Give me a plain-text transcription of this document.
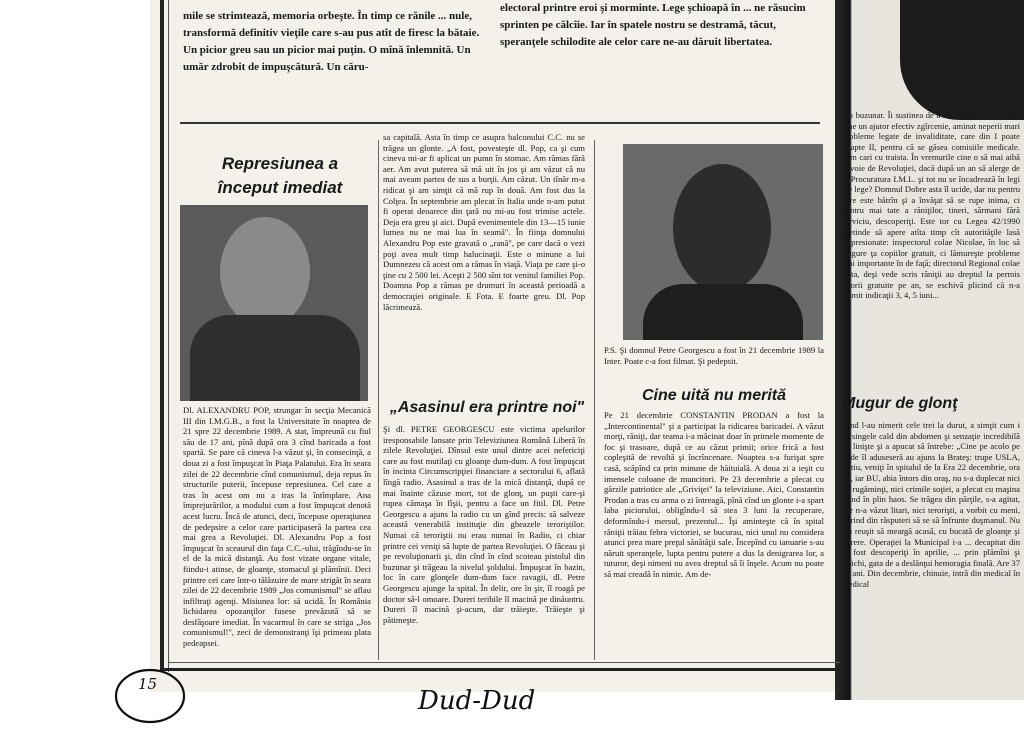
mile se strimtează, memoria orbeşte. În timp ce rănile ... nule, transformă definitiv vieţile care s-au pus atît de firesc la bătaie. Un picior greu sau un picior mai puţin. O mînă înlemnită. Un umăr zdrobit de impuşcătură. Un căru-
electoral printre eroi şi morminte. Lege şchioapă în ... ne răsucim sprinten pe călcîie. Iar în spatele nostru se destramă, tăcut, speranţele schilodite ale celor care ne-au dăruit libertatea.
Represiunea a început imediat
Dl. ALEXANDRU POP, strungar în secţia Mecanică III din I.M.G.B., a fost la Universitate în noaptea de 21 spre 22 decembrie 1989. A stat, împreună cu fiul său de 17 ani, pînă după ora 3 cînd baricada a fost spartă. Se pare că cineva l-a văzut şi, în consecinţă, a doua zi a fost împuşcat în Piaţa Palatului. Era în seara zilei de 22 decembrie cînd comunismul, deja repus în structurile puterii, începuse represiunea. Cel care a tras în acest om nu a tras la întîmplare. Ana împrejurărilor, a modului cum a fost împuşcat denotă acest lucru. Încă de atunci, deci, începuse operaţiunea de pedepsire a celor care participaseră la partea cea mai grea a Revoluţiei. Dl. Alexandru Pop a fost împuşcat în sceaurul din faţa C.C.-ului, trăgîndu-se în el de la mică distanţă. Au fost vizate organe vitale, fiindu-i atinse, de gloanţe, stomacul şi plămînii. Deci printre cei care într-o tălăzuire de mare strigăt în seara zilei de 22 decembrie 1989 „Jos comunismul" se aflau infiltraţi agenţi. Misiunea lor: să ucidă. În România lichidarea opozanţilor fusese prevăzută să se desfăşoare imediat. În vacarmul în care se striga „Jos comunismul!", zeci de demonstranţi îşi primeau plata pedeapsei.
sa capitală. Asta în timp ce asupra balconului C.C. nu se trăgea un glonte. „A fost, povesteşte dl. Pop, ca şi cum cineva mi-ar fi aplicat un pumn în stomac. Am rămas fără aer. Am avut puterea să mă uit în jos şi am văzut că nu mai aveam partea de sus a burţii. Am căzut. Un tînăr m-a ridicat şi am simţit că mă rup în două. Am fost dus la Colţea. În septembrie am plecat în Italia unde n-am putut fi operat deoarece din ţară nu mi-au fost trimise actele. Deja era greu şi aici. După evenimentele din 13—15 iunie lumea nu ne mai lua în seamă". În fiinţa domnului Alexandru Pop este gravată o „rană", pe care dacă o vezi poţi avea mult timp halucinaţii. Este o minune a lui Dumnezeu că acest om a rămas în viaţă. Viaţa pe care şi-o ţine cu 2 500 lei. Aceşti 2 500 sînt tot venitul familiei Pop. Doamna Pop a rămas pe drumuri în această perioadă a democraţiei originale. E Fota. E foarte greu. Dl. Pop lăcrimează.
„Asasinul era printre noi"
Şi dl. PETRE GEORGESCU este victima apelurilor iresponsabile lansate prin Televiziunea Română Liberă în zilele Revoluţiei. Dînsul este unul dintre acei nefericiţi care au fost mutilaţi cu gloanţe dum-dum. A fost împuşcat în incinta Circumscripţiei financiare a sectorului 6, aflată lîngă radio. Asasinul a tras de la mică distanţă, după ce mai înainte căzuse mort, tot de glonţ, un puşti care-şi rupea cămaşa în fîşii, pentru a face un fitil. Dl. Petre Georgescu a ajuns la radio cu un gînd precis: să salveze această venerabilă instituţie din gheazele teroriştilor. Numai că teroriştii nu erau numai în Radio, ci chiar printre cei veniţi să lupte de partea Revoluţiei. O făceau şi pe revoluţionarii şi, din cînd în cînd scoteau pistolul din buzunar şi trăgeau la nivelul şoldului. Împuşcat în bazin, loc în care glonţele dum-dum face ravagii, dl. Petre Georgescu ajunge la spital. În delir, ore în şir, îl roagă pe doctor să-l omoare. Dureri teribile îl macină pe dinăuntru. Dureri îl macină şi-acum, dar trăieşte. Trăieşte şi pătimeşte.
P.S. Şi domnul Petre Georgescu a fost în 21 decembrie 1989 la Inter. Poate c-a fost filmat. Şi pedepsit.
Cine uită nu merită
Pe 21 decembrie CONSTANTIN PRODAN a fost la „Intercontinental" şi a participat la ridicarea baricadei. A văzut morţi, răniţi, dar teama i-a măcinat doar în primele momente de foc şi trasoare, după ce au căzut primii; orice frică a fost copleşită de revoltă şi încrîncenare. Noaptea s-a furişat spre casă, scăpînd ca prin minune de hăituială. A doua zi a ieşit cu imensele coloane de muncitori. Pe 23 decembrie a plecat cu gărzile patriotice ale „Griviţei" la televiziune. Aici, Constantin Prodan a tras cu arma o zi întreagă, pînă cînd un glonte i-a spart laba piciorului, obligîndu-l să stea 3 luni la recuperare, deformîndu-i mersul, prezentul... Îşi aminteşte că în spital răniţii trăiau febra victoriei, se bucurau, nici unul nu considera atunci prea mare preţul sănătăţii sale. Începînd cu ianuarie s-au năruit speranţele, lupta pentru putere a dus la denigrarea lor, a tuturor, deşi nimeni nu avea dreptul să îi înşele. Acum nu poate să mai creadă în nimic. Am de-
din buzunar. Îi sustinea de a mai alina durerea însă cine un ajutor efectiv zgîrcenie, aminat neperii mari probleme legate de invaliditate, care din I poate noapte II, pentru că se găsea comisiile medicale. cum cari cu traista. În vremurile cine o să mai aibă nevoie de Revoluţiei, dacă după un an să alerge de la Procuratura I.M.L. şi tot nu se încadrează în legi ale lege? Domnul Dobre asta îl ucide, dar nu pentru care este bătrîn şi a învăţat să se rupe inima, ci pentru mai tate a răniţilor, tineri, sărmani fără serviciu, descoperiţi. Este tor cu Legea 42/1990 pretinde să apere atîta timp cît autorităţile lasă impresionate: inspectorul colae Nicolae, în loc să asigure ţa copiilor gratuit, ci lămureşte probleme mai importante în de faţă; directorul Regional colae Fota, deşi vede scris răniţii au dreptul la permis lătorii gratuite pe an, se eschivă plicind că n-a primit indicaţii 3, 4, 5 iuni...
Mugur de glonţ
Cînd l-au nimerit cele trei la durut, a simţit cum i se singele cald din abdomen şi senzaţie incredibilă de linişte şi a apucat să întrebe: „Cine pe acolo pe unde îl aduseseră au ajuns la Brateş: trupe USLA, ... tiu, veniţi în spitalul de la Era 22 decembrie, ora 19, iar BU, abia întors din oraş, nu s-a duplecat nici de rugăminţi, nici crimile soţiei, a plecat cu maşina grind în plin haos. Se trăgea din părţile, s-a agitat, dar n-a văzut litari, nici terorişti, a vorbit cu meni, dorind din răsputeri să se să înfrunte duşmanul. Nu s-a reuşit să meargă acasă, cu bucată de gloanţe şi durere. Operaţiei la Municipal i-a ... decapitat din ... fost descoperiţi în aprilie, ... prin plămîni şi rinichi, gata de a deslănţui hemoragia finală. Are 37 de ani. Din decembrie, chinuie, intră din medical în medical
15
Dud-Dud
